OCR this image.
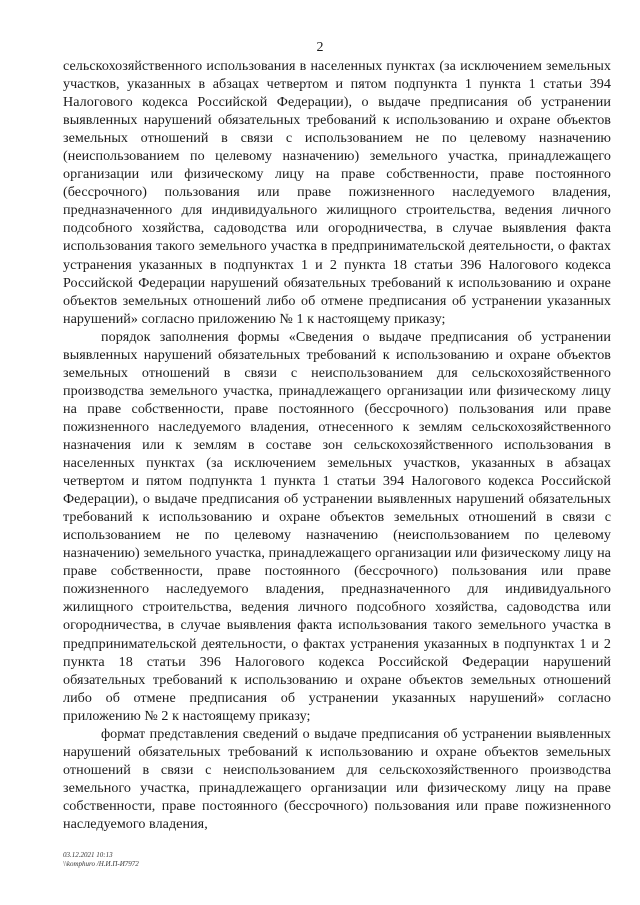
2

сельскохозяйственного использования в населенных пунктах (за исключением земельных участков, указанных в абзацах четвертом и пятом подпункта 1 пункта 1 статьи 394 Налогового кодекса Российской Федерации), о выдаче предписания об устранении выявленных нарушений обязательных требований к использованию и охране объектов земельных отношений в связи с использованием не по целевому назначению (неиспользованием по целевому назначению) земельного участка, принадлежащего организации или физическому лицу на праве собственности, праве постоянного (бессрочного) пользования или праве пожизненного наследуемого владения, предназначенного для индивидуального жилищного строительства, ведения личного подсобного хозяйства, садоводства или огородничества, в случае выявления факта использования такого земельного участка в предпринимательской деятельности, о фактах устранения указанных в подпунктах 1 и 2 пункта 18 статьи 396 Налогового кодекса Российской Федерации нарушений обязательных требований к использованию и охране объектов земельных отношений либо об отмене предписания об устранении указанных нарушений» согласно приложению № 1 к настоящему приказу;

порядок заполнения формы «Сведения о выдаче предписания об устранении выявленных нарушений обязательных требований к использованию и охране объектов земельных отношений в связи с неиспользованием для сельскохозяйственного производства земельного участка, принадлежащего организации или физическому лицу на праве собственности, праве постоянного (бессрочного) пользования или праве пожизненного наследуемого владения, отнесенного к землям сельскохозяйственного назначения или к землям в составе зон сельскохозяйственного использования в населенных пунктах (за исключением земельных участков, указанных в абзацах четвертом и пятом подпункта 1 пункта 1 статьи 394 Налогового кодекса Российской Федерации), о выдаче предписания об устранении выявленных нарушений обязательных требований к использованию и охране объектов земельных отношений в связи с использованием не по целевому назначению (неиспользованием по целевому назначению) земельного участка, принадлежащего организации или физическому лицу на праве собственности, праве постоянного (бессрочного) пользования или праве пожизненного наследуемого владения, предназначенного для индивидуального жилищного строительства, ведения личного подсобного хозяйства, садоводства или огородничества, в случае выявления факта использования такого земельного участка в предпринимательской деятельности, о фактах устранения указанных в подпунктах 1 и 2 пункта 18 статьи 396 Налогового кодекса Российской Федерации нарушений обязательных требований к использованию и охране объектов земельных отношений либо об отмене предписания об устранении указанных нарушений» согласно приложению № 2 к настоящему приказу;

формат представления сведений о выдаче предписания об устранении выявленных нарушений обязательных требований к использованию и охране объектов земельных отношений в связи с неиспользованием для сельскохозяйственного производства земельного участка, принадлежащего организации или физическому лицу на праве собственности, праве постоянного (бессрочного) пользования или праве пожизненного наследуемого владения,

03.12.2021 10:13
\\komphuro /Н.И.П-И7972
